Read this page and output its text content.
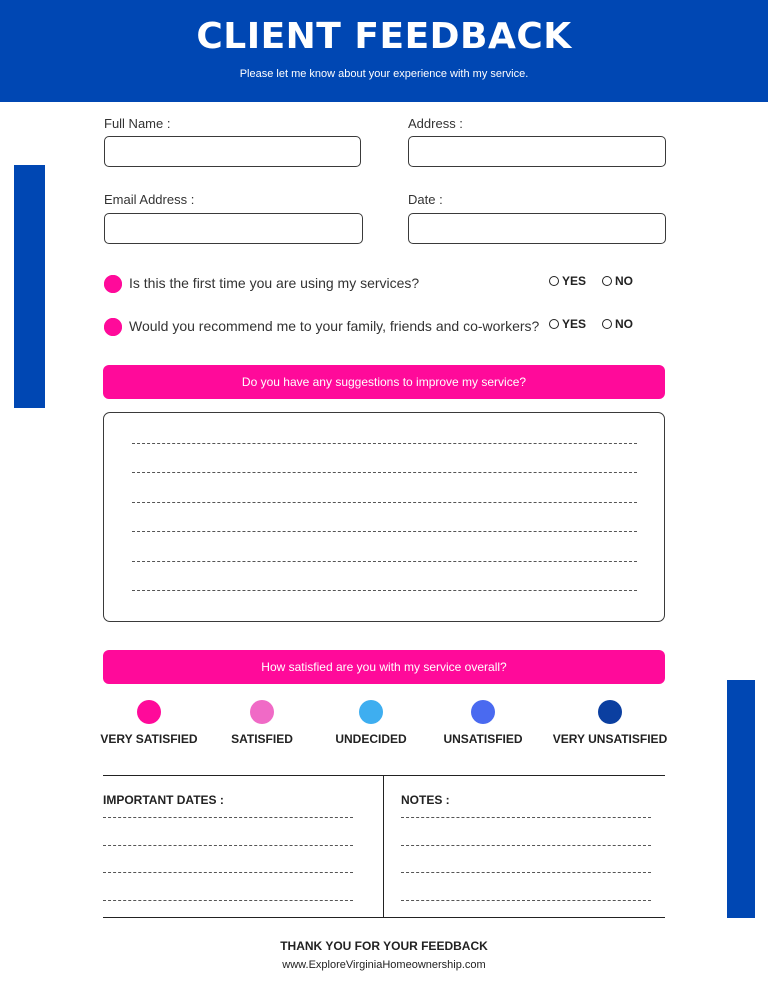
CLIENT FEEDBACK

Please let me know about your experience with my service.

Full Name :	Address :
Email Address :	Date :
Is this the first time you are using my services?	YES NO
Would you recommend me to your family, friends and co-workers? YES NO
Do you have any suggestions to improve my service?
How satisfied are you with my service overall?
VERY SATISFIED	SATISFIED	UNDECIDED	UNSATISFIED	VERY UNSATISFIED
IMPORTANT DATES :	NOTES :
THANK YOU FOR YOUR FEEDBACK
www.ExploreVirginiaHomeownership.com
